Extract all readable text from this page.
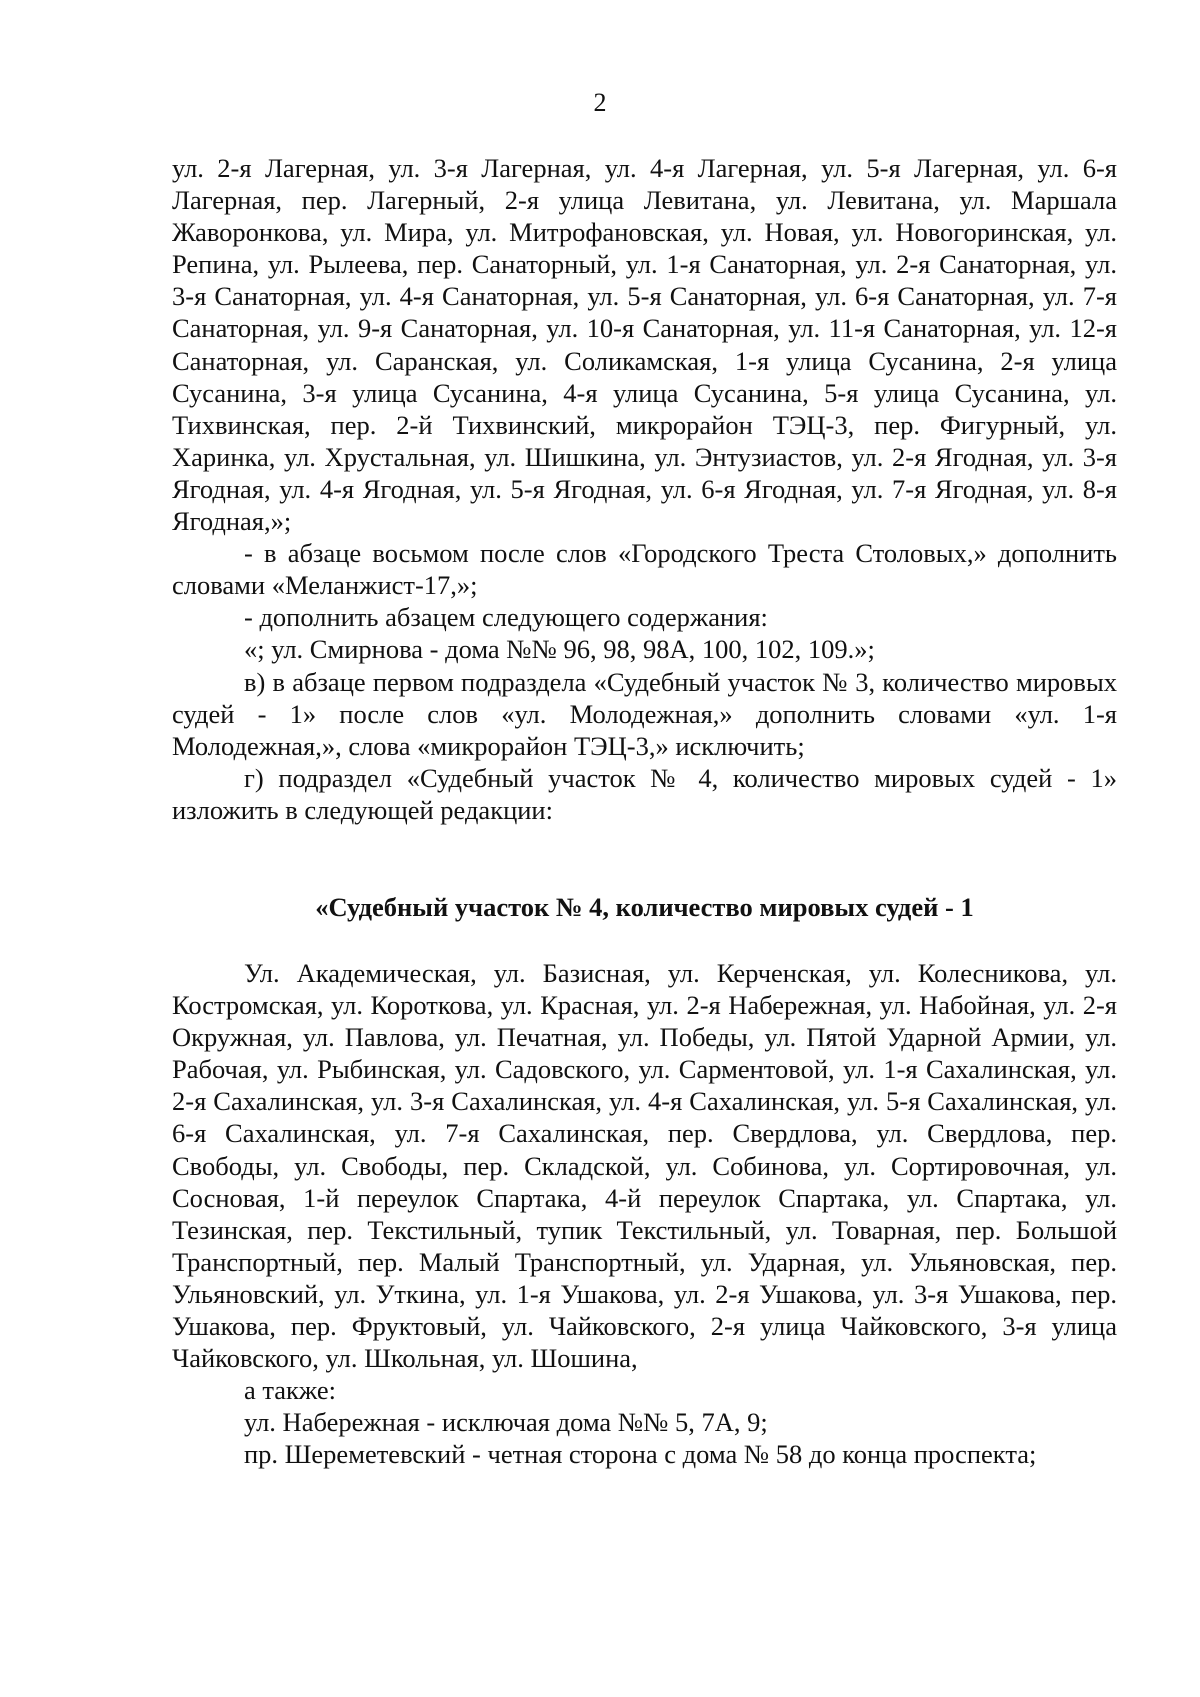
2

ул. 2-я Лагерная, ул. 3-я Лагерная, ул. 4-я Лагерная, ул. 5-я Лагерная, ул. 6-я Лагерная, пер. Лагерный, 2-я улица Левитана, ул. Левитана, ул. Маршала Жаворонкова, ул. Мира, ул. Митрофановская, ул. Новая, ул. Новогоринская, ул. Репина, ул. Рылеева, пер. Санаторный, ул. 1-я Санаторная, ул. 2-я Санаторная, ул. 3-я Санаторная, ул. 4-я Санаторная, ул. 5-я Санаторная, ул. 6-я Санаторная, ул. 7-я Санаторная, ул. 9-я Санаторная, ул. 10-я Санаторная, ул. 11-я Санаторная, ул. 12-я Санаторная, ул. Саранская, ул. Соликамская, 1-я улица Сусанина, 2-я улица Сусанина, 3-я улица Сусанина, 4-я улица Сусанина, 5-я улица Сусанина, ул. Тихвинская, пер. 2-й Тихвинский, микрорайон ТЭЦ-3, пер. Фигурный, ул. Харинка, ул. Хрустальная, ул. Шишкина, ул. Энтузиастов, ул. 2-я Ягодная, ул. 3-я Ягодная, ул. 4-я Ягодная, ул. 5-я Ягодная, ул. 6-я Ягодная, ул. 7-я Ягодная, ул. 8-я Ягодная,»;

- в абзаце восьмом после слов «Городского Треста Столовых,» дополнить словами «Меланжист-17,»;

- дополнить абзацем следующего содержания:

«; ул. Смирнова - дома №№ 96, 98, 98А, 100, 102, 109.»;

в) в абзаце первом подраздела «Судебный участок № 3, количество мировых судей - 1» после слов «ул. Молодежная,» дополнить словами «ул. 1-я Молодежная,», слова «микрорайон ТЭЦ-3,» исключить;

г) подраздел «Судебный участок № 4, количество мировых судей - 1» изложить в следующей редакции:

«Судебный участок № 4, количество мировых судей - 1

Ул. Академическая, ул. Базисная, ул. Керченская, ул. Колесникова, ул. Костромская, ул. Короткова, ул. Красная, ул. 2-я Набережная, ул. Набойная, ул. 2-я Окружная, ул. Павлова, ул. Печатная, ул. Победы, ул. Пятой Ударной Армии, ул. Рабочая, ул. Рыбинская, ул. Садовского, ул. Сарментовой, ул. 1-я Сахалинская, ул. 2-я Сахалинская, ул. 3-я Сахалинская, ул. 4-я Сахалинская, ул. 5-я Сахалинская, ул. 6-я Сахалинская, ул. 7-я Сахалинская, пер. Свердлова, ул. Свердлова, пер. Свободы, ул. Свободы, пер. Складской, ул. Собинова, ул. Сортировочная, ул. Сосновая, 1-й переулок Спартака, 4-й переулок Спартака, ул. Спартака, ул. Тезинская, пер. Текстильный, тупик Текстильный, ул. Товарная, пер. Большой Транспортный, пер. Малый Транспортный, ул. Ударная, ул. Ульяновская, пер. Ульяновский, ул. Уткина, ул. 1-я Ушакова, ул. 2-я Ушакова, ул. 3-я Ушакова, пер. Ушакова, пер. Фруктовый, ул. Чайковского, 2-я улица Чайковского, 3-я улица Чайковского, ул. Школьная, ул. Шошина,

а также:

ул. Набережная - исключая дома №№ 5, 7А, 9;

пр. Шереметевский - четная сторона с дома № 58 до конца проспекта;
